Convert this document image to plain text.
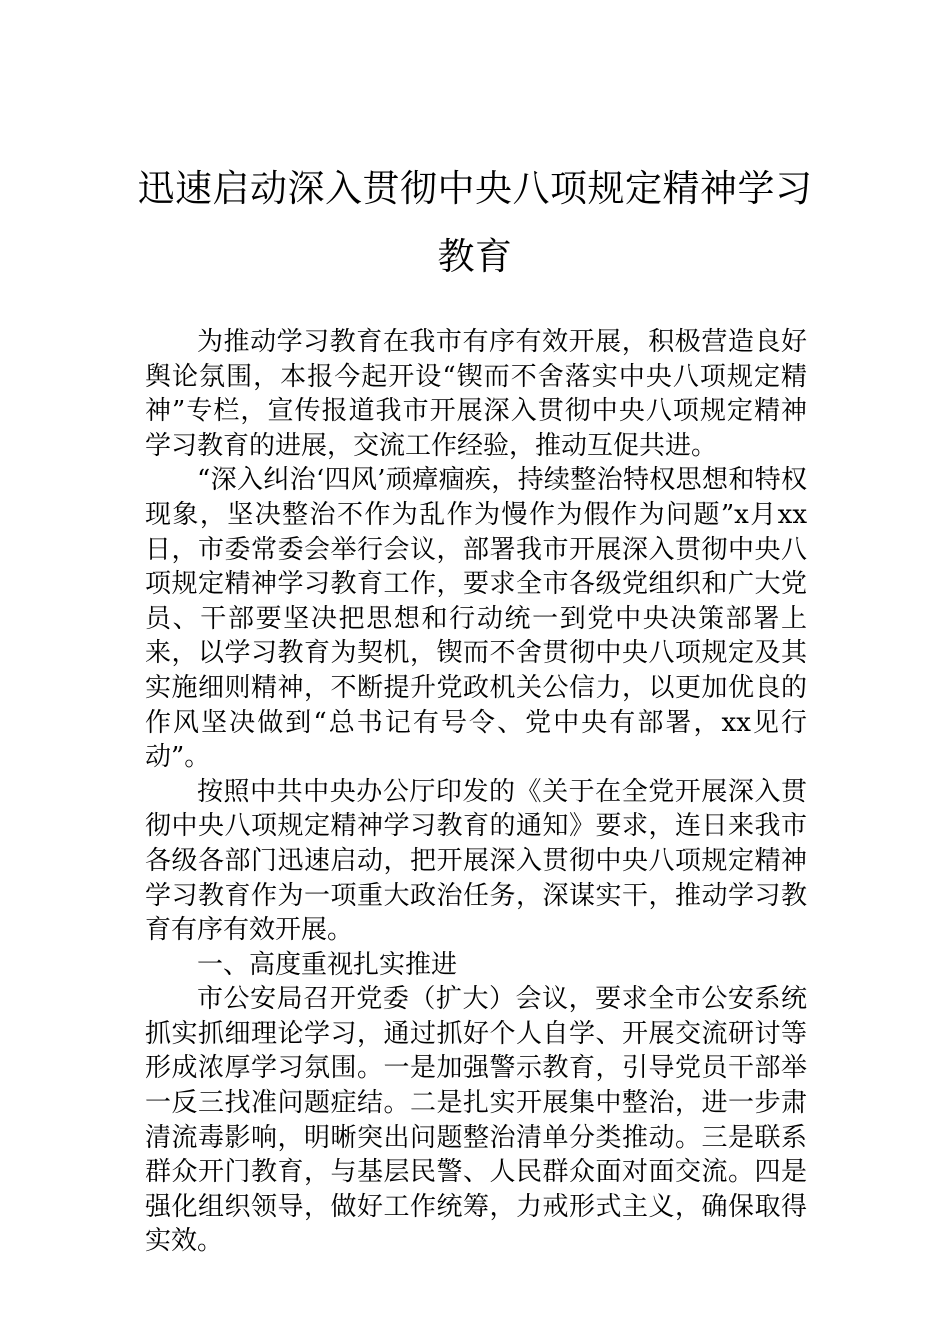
迅速启动深入贯彻中央八项规定精神学习
教育

为推动学习教育在我市有序有效开展，积极营造良好舆论氛围，本报今起开设“锲而不舍落实中央八项规定精神”专栏，宣传报道我市开展深入贯彻中央八项规定精神学习教育的进展，交流工作经验，推动互促共进。

“深入纠治‘四风’顽瘴痼疾，持续整治特权思想和特权现象，坚决整治不作为乱作为慢作为假作为问题”x月xx日，市委常委会举行会议，部署我市开展深入贯彻中央八项规定精神学习教育工作，要求全市各级党组织和广大党员、干部要坚决把思想和行动统一到党中央决策部署上来，以学习教育为契机，锲而不舍贯彻中央八项规定及其实施细则精神，不断提升党政机关公信力，以更加优良的作风坚决做到“总书记有号令、党中央有部署，xx见行动”。

按照中共中央办公厅印发的《关于在全党开展深入贯彻中央八项规定精神学习教育的通知》要求，连日来我市各级各部门迅速启动，把开展深入贯彻中央八项规定精神学习教育作为一项重大政治任务，深谋实干，推动学习教育有序有效开展。

一、高度重视扎实推进

市公安局召开党委（扩大）会议，要求全市公安系统抓实抓细理论学习，通过抓好个人自学、开展交流研讨等形成浓厚学习氛围。一是加强警示教育，引导党员干部举一反三找准问题症结。二是扎实开展集中整治，进一步肃清流毒影响，明晰突出问题整治清单分类推动。三是联系群众开门教育，与基层民警、人民群众面对面交流。四是强化组织领导，做好工作统筹，力戒形式主义，确保取得实效。
